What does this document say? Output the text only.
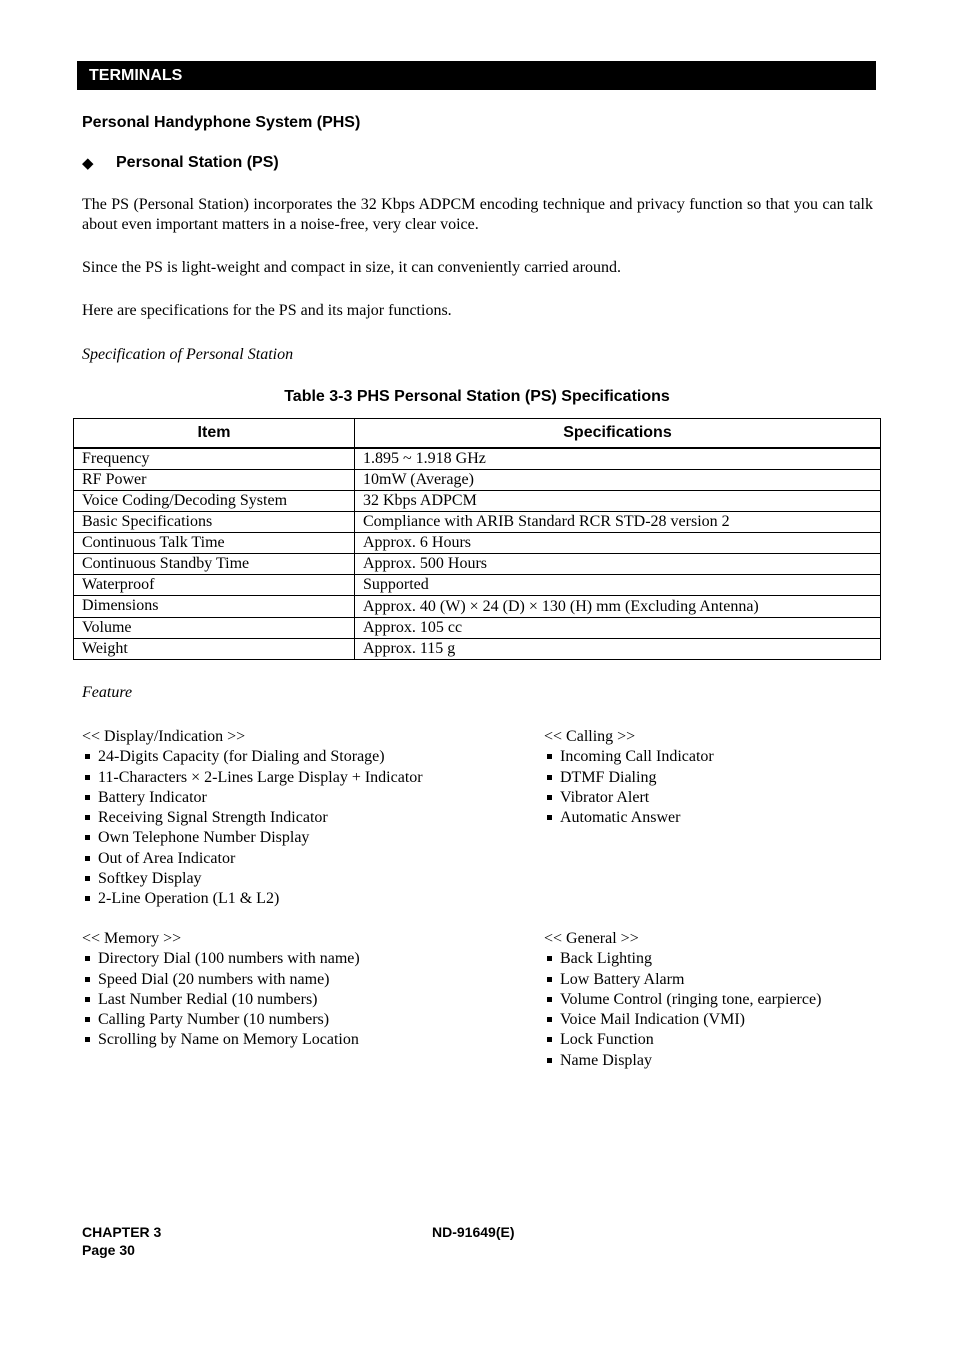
TERMINALS
Personal Handyphone System (PHS)
◆ Personal Station (PS)
The PS (Personal Station) incorporates the 32 Kbps ADPCM encoding technique and privacy function so that you can talk about even important matters in a noise-free, very clear voice.
Since the PS is light-weight and compact in size, it can conveniently carried around.
Here are specifications for the PS and its major functions.
Specification of Personal Station
Table 3-3 PHS Personal Station (PS) Specifications
Item	Specifications
Frequency	1.895 ~ 1.918 GHz
RF Power	10mW (Average)
Voice Coding/Decoding System	32 Kbps ADPCM
Basic Specifications	Compliance with ARIB Standard RCR STD-28 version 2
Continuous Talk Time	Approx. 6 Hours
Continuous Standby Time	Approx. 500 Hours
Waterproof	Supported
Dimensions	Approx. 40 (W) × 24 (D) × 130 (H) mm (Excluding Antenna)
Volume	Approx. 105 cc
Weight	Approx. 115 g
Feature
<< Display/Indication >>
24-Digits Capacity (for Dialing and Storage)
11-Characters × 2-Lines Large Display + Indicator
Battery Indicator
Receiving Signal Strength Indicator
Own Telephone Number Display
Out of Area Indicator
Softkey Display
2-Line Operation (L1 & L2)
<< Calling >>
Incoming Call Indicator
DTMF Dialing
Vibrator Alert
Automatic Answer
<< Memory >>
Directory Dial (100 numbers with name)
Speed Dial (20 numbers with name)
Last Number Redial (10 numbers)
Calling Party Number (10 numbers)
Scrolling by Name on Memory Location
<< General >>
Back Lighting
Low Battery Alarm
Volume Control (ringing tone, earpierce)
Voice Mail Indication (VMI)
Lock Function
Name Display
CHAPTER 3
Page 30
ND-91649(E)
